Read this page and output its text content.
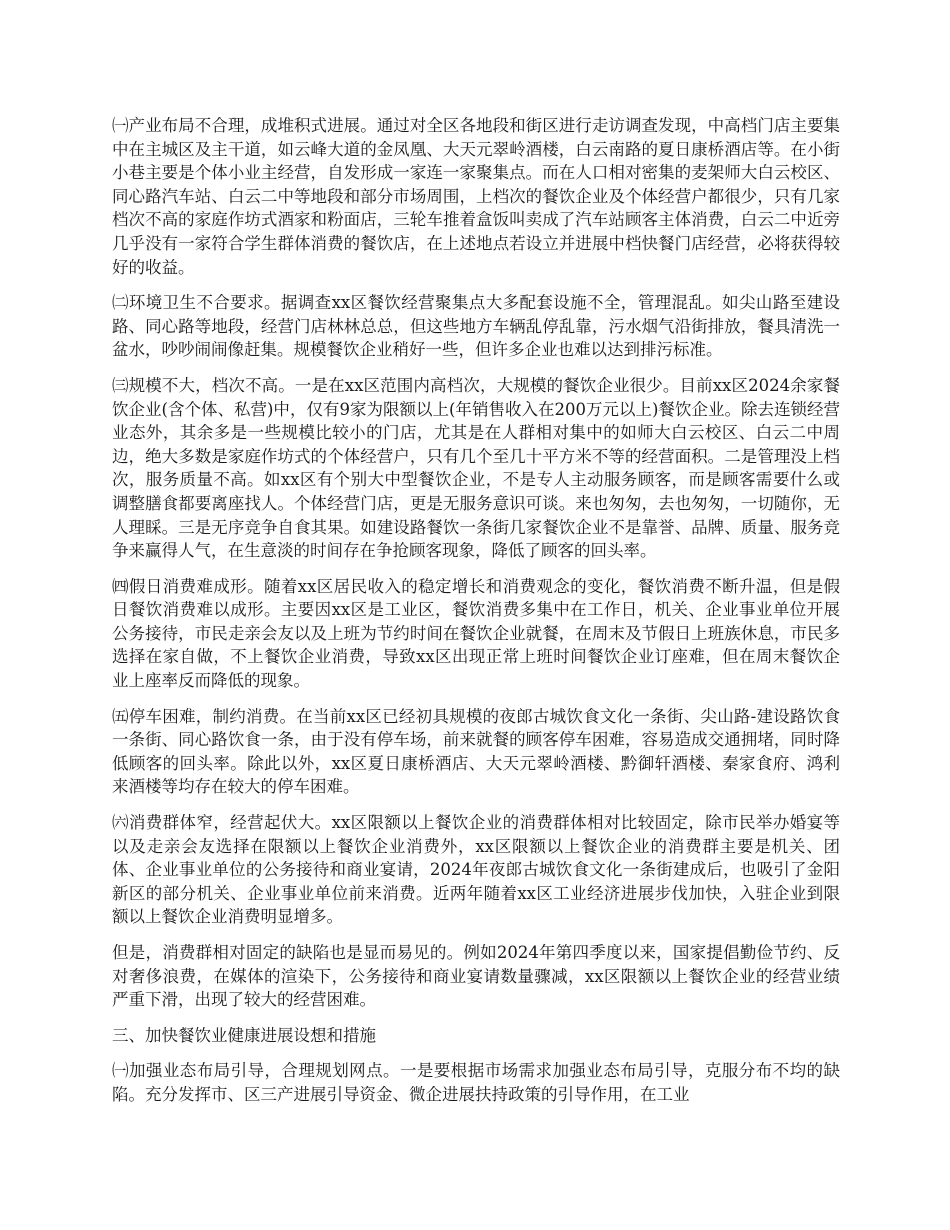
㈠产业布局不合理，成堆积式进展。通过对全区各地段和街区进行走访调查发现，中高档门店主要集中在主城区及主干道，如云峰大道的金凤凰、大天元翠岭酒楼，白云南路的夏日康桥酒店等。在小街小巷主要是个体小业主经营，自发形成一家连一家聚集点。而在人口相对密集的麦架师大白云校区、同心路汽车站、白云二中等地段和部分市场周围，上档次的餐饮企业及个体经营户都很少，只有几家档次不高的家庭作坊式酒家和粉面店，三轮车推着盒饭叫卖成了汽车站顾客主体消费，白云二中近旁几乎没有一家符合学生群体消费的餐饮店，在上述地点若设立并进展中档快餐门店经营，必将获得较好的收益。

㈡环境卫生不合要求。据调查xx区餐饮经营聚集点大多配套设施不全，管理混乱。如尖山路至建设路、同心路等地段，经营门店林林总总，但这些地方车辆乱停乱靠，污水烟气沿街排放，餐具清洗一盆水，吵吵闹闹像赶集。规模餐饮企业稍好一些，但许多企业也难以达到排污标准。

㈢规模不大，档次不高。一是在xx区范围内高档次，大规模的餐饮企业很少。目前xx区2024余家餐饮企业(含个体、私营)中，仅有9家为限额以上(年销售收入在200万元以上)餐饮企业。除去连锁经营业态外，其余多是一些规模比较小的门店，尤其是在人群相对集中的如师大白云校区、白云二中周边，绝大多数是家庭作坊式的个体经营户，只有几个至几十平方米不等的经营面积。二是管理没上档次，服务质量不高。如xx区有个别大中型餐饮企业，不是专人主动服务顾客，而是顾客需要什么或调整膳食都要离座找人。个体经营门店，更是无服务意识可谈。来也匆匆，去也匆匆，一切随你，无人理睬。三是无序竞争自食其果。如建设路餐饮一条街几家餐饮企业不是靠誉、品牌、质量、服务竞争来赢得人气，在生意淡的时间存在争抢顾客现象，降低了顾客的回头率。

㈣假日消费难成形。随着xx区居民收入的稳定增长和消费观念的变化，餐饮消费不断升温，但是假日餐饮消费难以成形。主要因xx区是工业区，餐饮消费多集中在工作日，机关、企业事业单位开展公务接待，市民走亲会友以及上班为节约时间在餐饮企业就餐，在周末及节假日上班族休息，市民多选择在家自做，不上餐饮企业消费，导致xx区出现正常上班时间餐饮企业订座难，但在周末餐饮企业上座率反而降低的现象。

㈤停车困难，制约消费。在当前xx区已经初具规模的夜郎古城饮食文化一条街、尖山路-建设路饮食一条街、同心路饮食一条，由于没有停车场，前来就餐的顾客停车困难，容易造成交通拥堵，同时降低顾客的回头率。除此以外，xx区夏日康桥酒店、大天元翠岭酒楼、黔御轩酒楼、秦家食府、鸿利来酒楼等均存在较大的停车困难。

㈥消费群体窄，经营起伏大。xx区限额以上餐饮企业的消费群体相对比较固定，除市民举办婚宴等以及走亲会友选择在限额以上餐饮企业消费外，xx区限额以上餐饮企业的消费群主要是机关、团体、企业事业单位的公务接待和商业宴请，2024年夜郎古城饮食文化一条街建成后，也吸引了金阳新区的部分机关、企业事业单位前来消费。近两年随着xx区工业经济进展步伐加快，入驻企业到限额以上餐饮企业消费明显增多。

但是，消费群相对固定的缺陷也是显而易见的。例如2024年第四季度以来，国家提倡勤俭节约、反对奢侈浪费，在媒体的渲染下，公务接待和商业宴请数量骤减，xx区限额以上餐饮企业的经营业绩严重下滑，出现了较大的经营困难。

三、加快餐饮业健康进展设想和措施

㈠加强业态布局引导，合理规划网点。一是要根据市场需求加强业态布局引导，克服分布不均的缺陷。充分发挥市、区三产进展引导资金、微企进展扶持政策的引导作用，在工业
